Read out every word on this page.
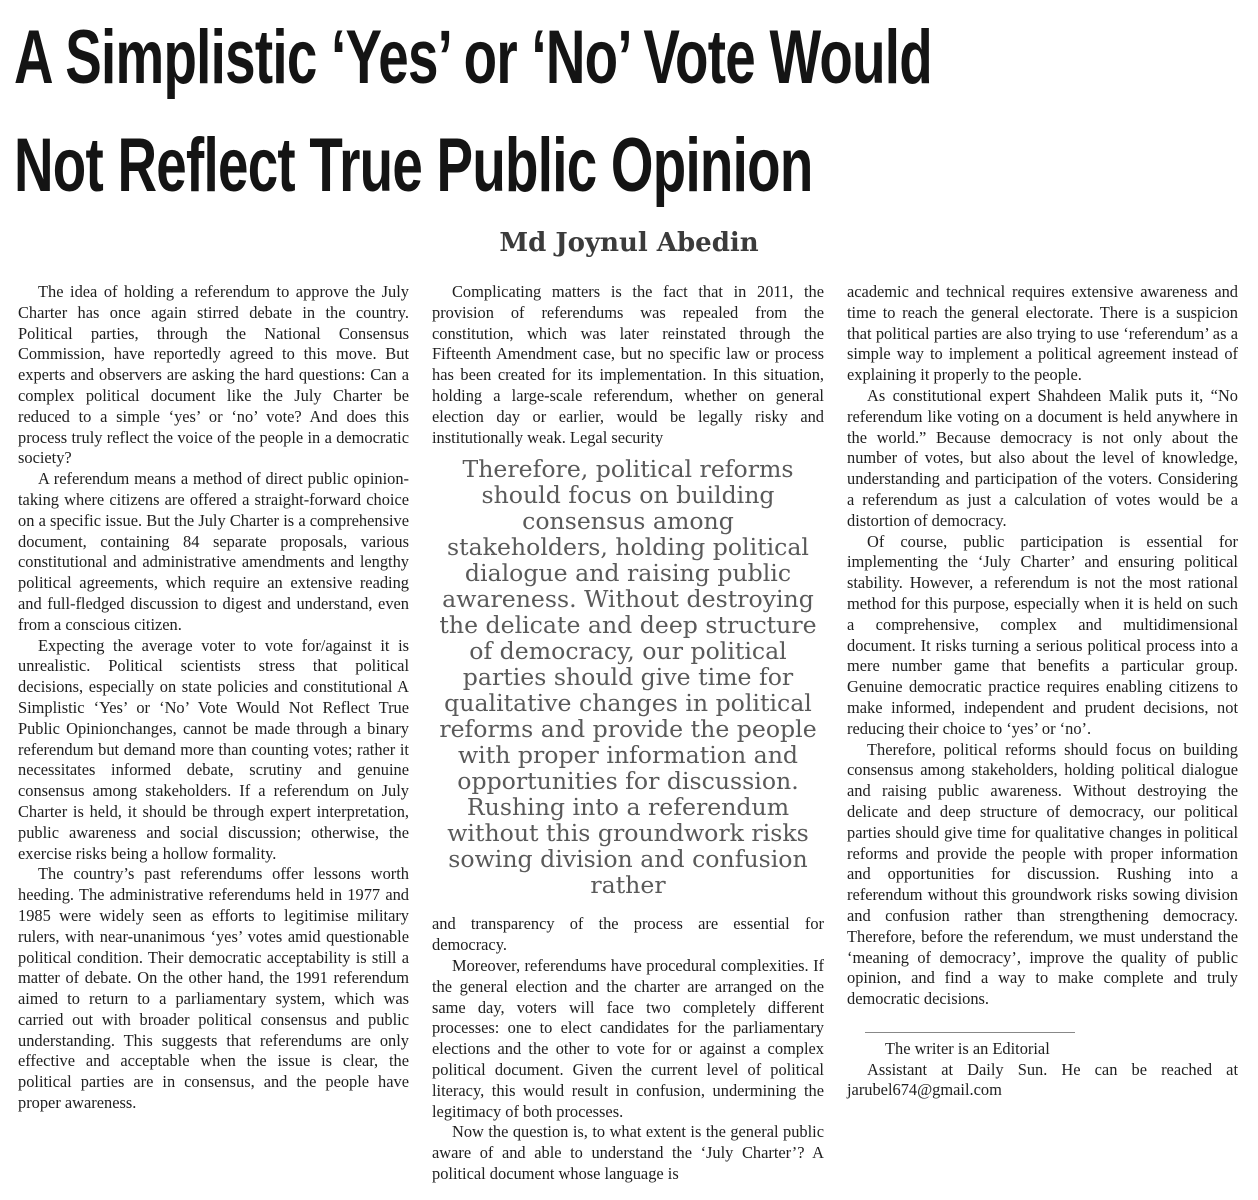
A Simplistic ‘Yes’ or ‘No’ Vote Would
Not Reflect True Public Opinion
Md Joynul Abedin

The idea of holding a referendum to approve the July Charter has once again stirred debate in the country. Political parties, through the National Consensus Commission, have reportedly agreed to this move. But experts and observers are asking the hard questions: Can a complex political document like the July Charter be reduced to a simple ‘yes’ or ‘no’ vote? And does this process truly reflect the voice of the people in a democratic society?

A referendum means a method of direct public opinion-taking where citizens are offered a straight-forward choice on a specific issue. But the July Charter is a comprehensive document, containing 84 separate proposals, various constitutional and administrative amendments and lengthy political agreements, which require an extensive reading and full-fledged discussion to digest and understand, even from a conscious citizen.

Expecting the average voter to vote for/against it is unrealistic. Political scientists stress that political decisions, especially on state policies and constitutional A Simplistic ‘Yes’ or ‘No’ Vote Would Not Reflect True Public Opinionchanges, cannot be made through a binary referendum but demand more than counting votes; rather it necessitates informed debate, scrutiny and genuine consensus among stakeholders. If a referendum on July Charter is held, it should be through expert interpretation, public awareness and social discussion; otherwise, the exercise risks being a hollow formality.

The country’s past referendums offer lessons worth heeding. The administrative referendums held in 1977 and 1985 were widely seen as efforts to legitimise military rulers, with near-unanimous ‘yes’ votes amid questionable political condition. Their democratic acceptability is still a matter of debate. On the other hand, the 1991 referendum aimed to return to a parliamentary system, which was carried out with broader political consensus and public understanding. This suggests that referendums are only effective and acceptable when the issue is clear, the political parties are in consensus, and the people have proper awareness.

Complicating matters is the fact that in 2011, the provision of referendums was repealed from the constitution, which was later reinstated through the Fifteenth Amendment case, but no specific law or process has been created for its implementation. In this situation, holding a large-scale referendum, whether on general election day or earlier, would be legally risky and institutionally weak. Legal security

Therefore, political reforms should focus on building consensus among stakeholders, holding political dialogue and raising public awareness. Without destroying the delicate and deep structure of democracy, our political parties should give time for qualitative changes in political reforms and provide the people with proper information and opportunities for discussion. Rushing into a referendum without this groundwork risks sowing division and confusion rather

and transparency of the process are essential for democracy.

Moreover, referendums have procedural complexities. If the general election and the charter are arranged on the same day, voters will face two completely different processes: one to elect candidates for the parliamentary elections and the other to vote for or against a complex political document. Given the current level of political literacy, this would result in confusion, undermining the legitimacy of both processes.

Now the question is, to what extent is the general public aware of and able to understand the ‘July Charter’? A political document whose language is

academic and technical requires extensive awareness and time to reach the general electorate. There is a suspicion that political parties are also trying to use ‘referendum’ as a simple way to implement a political agreement instead of explaining it properly to the people.

As constitutional expert Shahdeen Malik puts it, “No referendum like voting on a document is held anywhere in the world.” Because democracy is not only about the number of votes, but also about the level of knowledge, understanding and participation of the voters. Considering a referendum as just a calculation of votes would be a distortion of democracy.

Of course, public participation is essential for implementing the ‘July Charter’ and ensuring political stability. However, a referendum is not the most rational method for this purpose, especially when it is held on such a comprehensive, complex and multidimensional document. It risks turning a serious political process into a mere number game that benefits a particular group. Genuine democratic practice requires enabling citizens to make informed, independent and prudent decisions, not reducing their choice to ‘yes’ or ‘no’.

Therefore, political reforms should focus on building consensus among stakeholders, holding political dialogue and raising public awareness. Without destroying the delicate and deep structure of democracy, our political parties should give time for qualitative changes in political reforms and provide the people with proper information and opportunities for discussion. Rushing into a referendum without this groundwork risks sowing division and confusion rather than strengthening democracy. Therefore, before the referendum, we must understand the ‘meaning of democracy’, improve the quality of public opinion, and find a way to make complete and truly democratic decisions.

The writer is an Editorial

Assistant at Daily Sun. He can be reached at jarubel674@gmail.com
